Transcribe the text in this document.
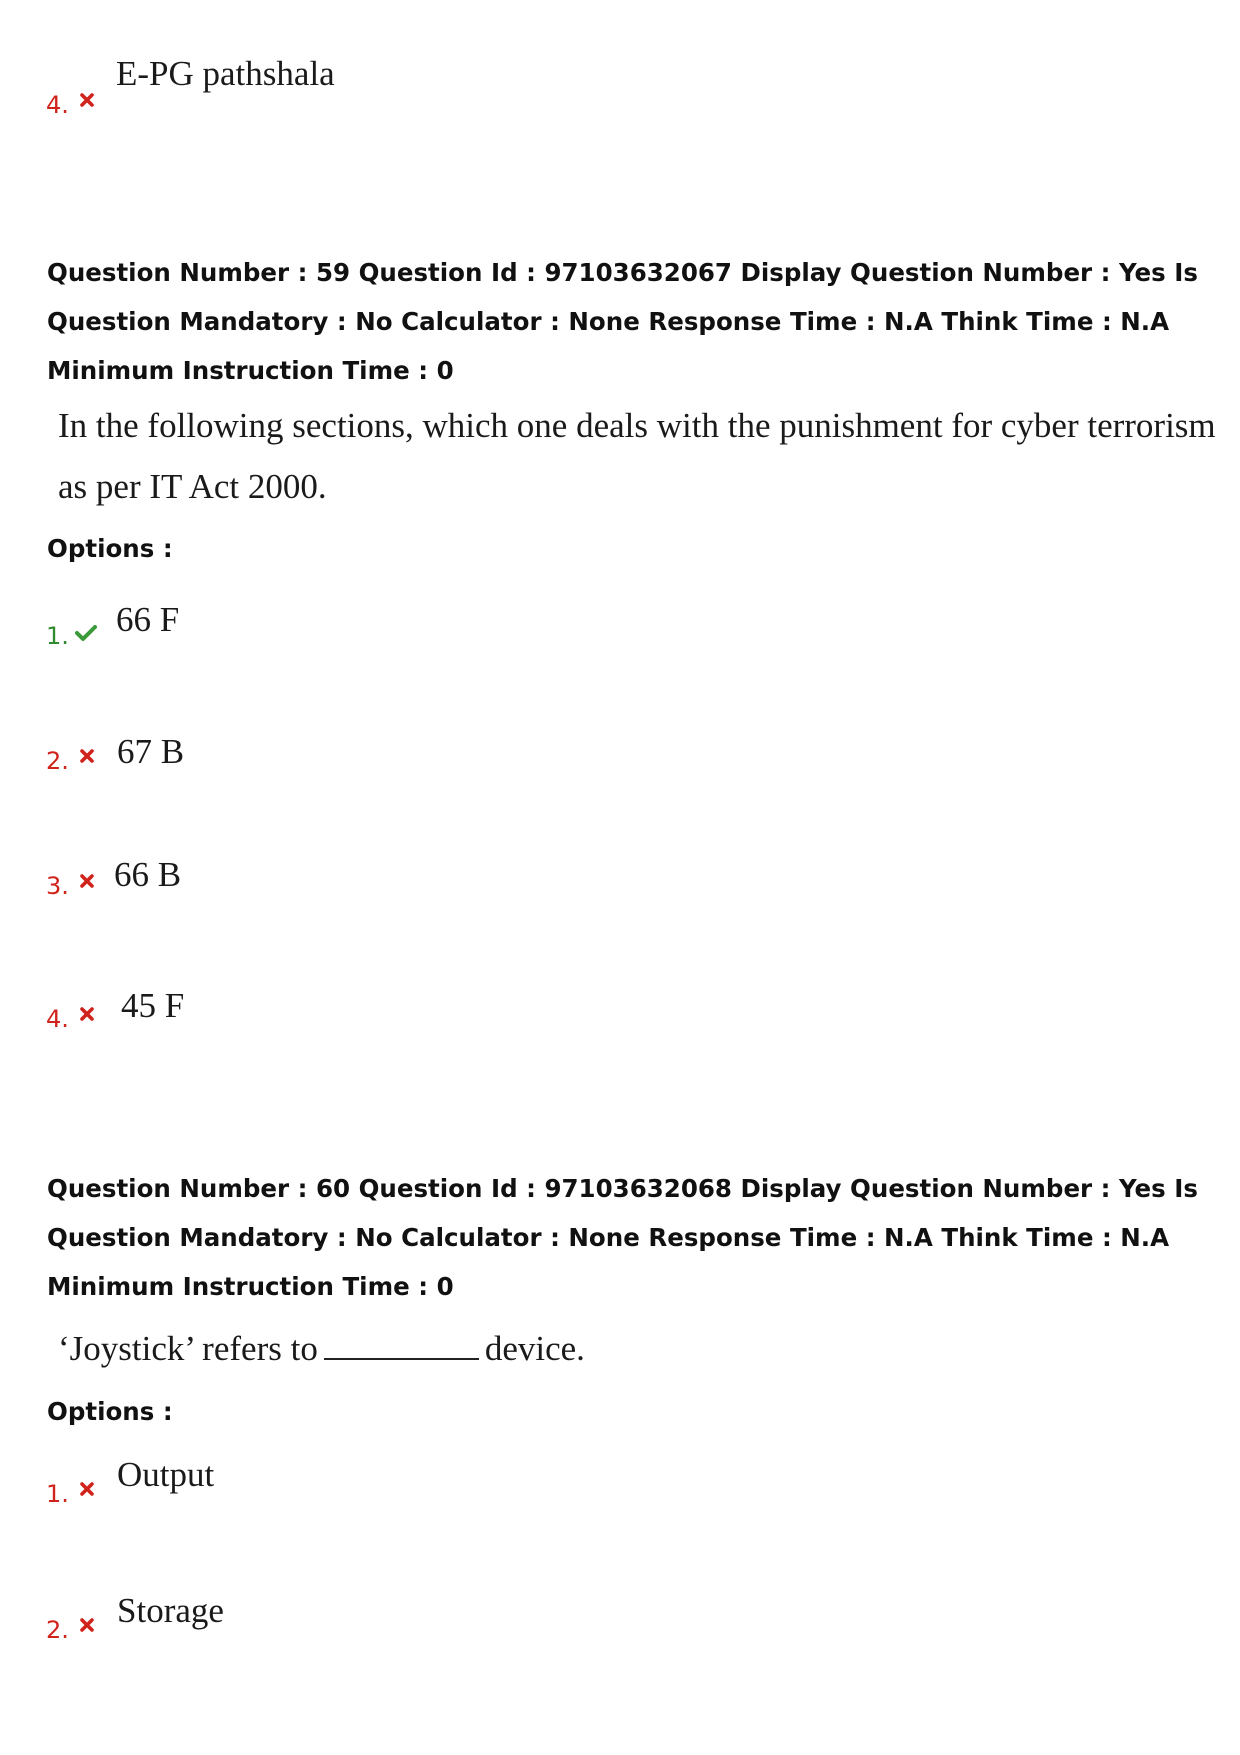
4.
E-PG pathshala

Question Number : 59 Question Id : 97103632067 Display Question Number : Yes Is Question Mandatory : No Calculator : None Response Time : N.A Think Time : N.A Minimum Instruction Time : 0

In the following sections, which one deals with the punishment for cyber terrorism
as per IT Act 2000.
Options :
1. 66 F
2. 67 B
3. 66 B
4. 45 F

Question Number : 60 Question Id : 97103632068 Display Question Number : Yes Is Question Mandatory : No Calculator : None Response Time : N.A Think Time : N.A Minimum Instruction Time : 0

‘Joystick’ refers to	device.
Options :
1. Output
2. Storage
